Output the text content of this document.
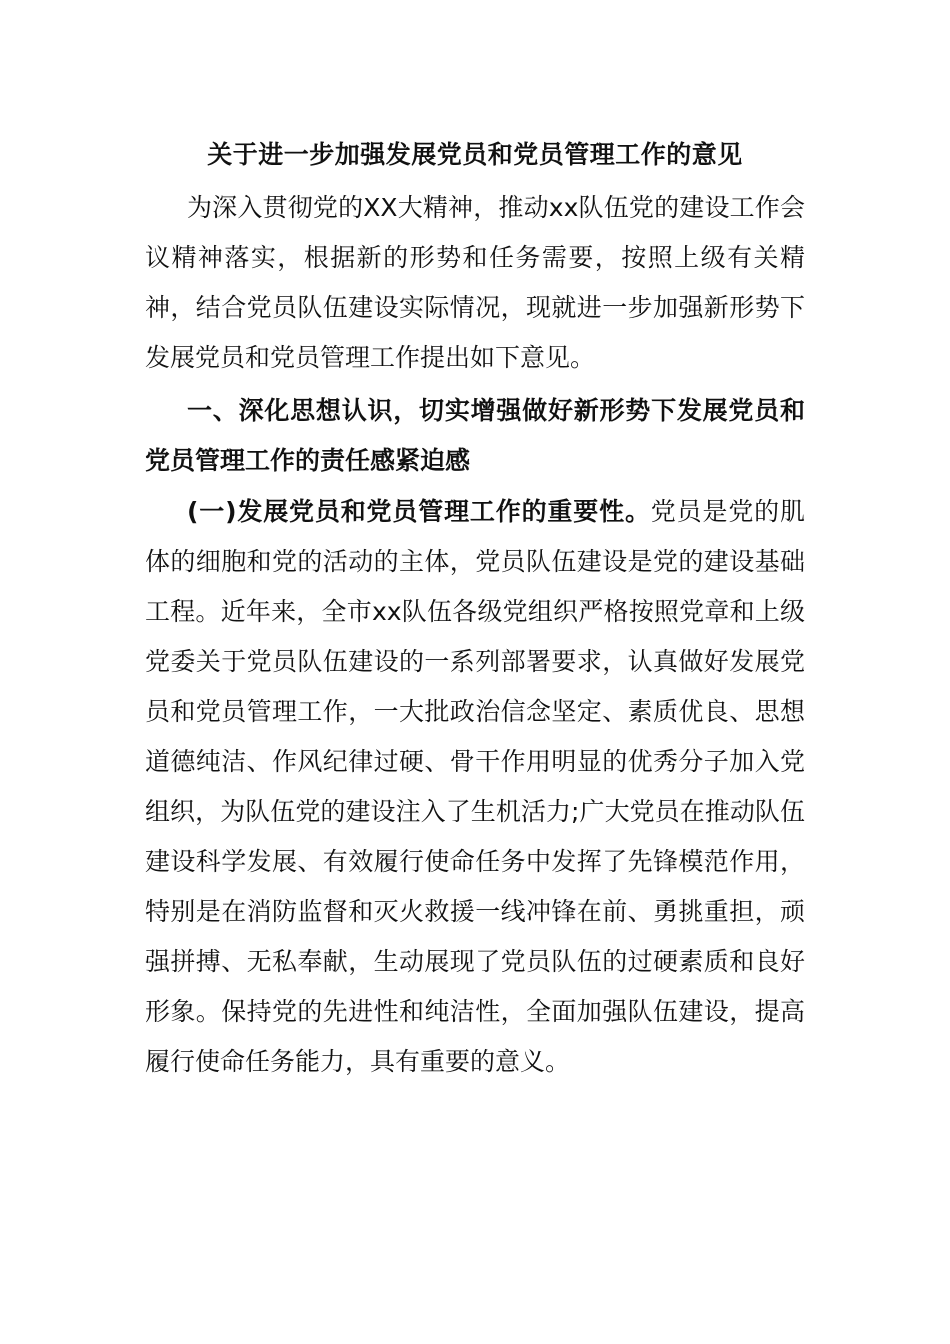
关于进一步加强发展党员和党员管理工作的意见

为深入贯彻党的XX大精神，推动xx队伍党的建设工作会议精神落实，根据新的形势和任务需要，按照上级有关精神，结合党员队伍建设实际情况，现就进一步加强新形势下发展党员和党员管理工作提出如下意见。

一、深化思想认识，切实增强做好新形势下发展党员和党员管理工作的责任感紧迫感

(一)发展党员和党员管理工作的重要性。党员是党的肌体的细胞和党的活动的主体，党员队伍建设是党的建设基础工程。近年来，全市xx队伍各级党组织严格按照党章和上级党委关于党员队伍建设的一系列部署要求，认真做好发展党员和党员管理工作，一大批政治信念坚定、素质优良、思想道德纯洁、作风纪律过硬、骨干作用明显的优秀分子加入党组织，为队伍党的建设注入了生机活力;广大党员在推动队伍建设科学发展、有效履行使命任务中发挥了先锋模范作用，特别是在消防监督和灭火救援一线冲锋在前、勇挑重担，顽强拼搏、无私奉献，生动展现了党员队伍的过硬素质和良好形象。保持党的先进性和纯洁性，全面加强队伍建设，提高履行使命任务能力，具有重要的意义。
